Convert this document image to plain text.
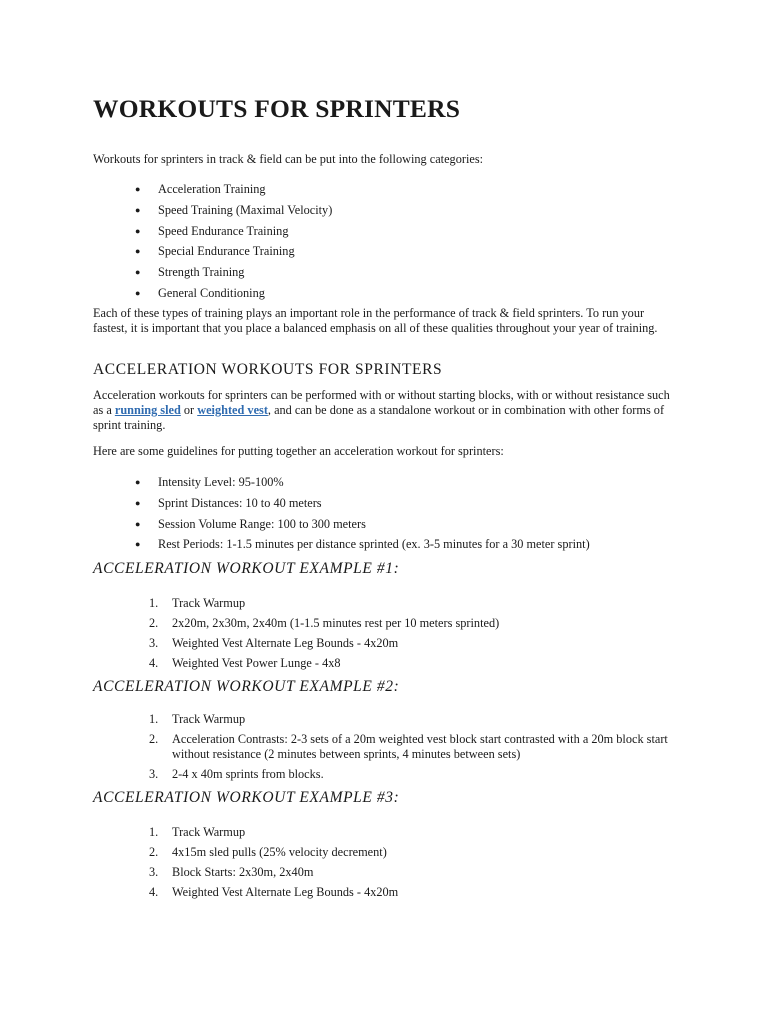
WORKOUTS FOR SPRINTERS

Workouts for sprinters in track & field can be put into the following categories:

● Acceleration Training
● Speed Training (Maximal Velocity)
● Speed Endurance Training
● Special Endurance Training
● Strength Training
● General Conditioning

Each of these types of training plays an important role in the performance of track & field sprinters. To run your fastest, it is important that you place a balanced emphasis on all of these qualities throughout your year of training.

ACCELERATION WORKOUTS FOR SPRINTERS

Acceleration workouts for sprinters can be performed with or without starting blocks, with or without resistance such as a running sled or weighted vest, and can be done as a standalone workout or in combination with other forms of sprint training.

Here are some guidelines for putting together an acceleration workout for sprinters:

● Intensity Level: 95-100%
● Sprint Distances: 10 to 40 meters
● Session Volume Range: 100 to 300 meters
● Rest Periods: 1-1.5 minutes per distance sprinted (ex. 3-5 minutes for a 30 meter sprint)
ACCELERATION WORKOUT EXAMPLE #1:
1. Track Warmup
2. 2x20m, 2x30m, 2x40m (1-1.5 minutes rest per 10 meters sprinted)
3. Weighted Vest Alternate Leg Bounds - 4x20m
4. Weighted Vest Power Lunge - 4x8
ACCELERATION WORKOUT EXAMPLE #2:
1. Track Warmup
2. Acceleration Contrasts: 2-3 sets of a 20m weighted vest block start contrasted with a 20m block start without resistance (2 minutes between sprints, 4 minutes between sets)
3. 2-4 x 40m sprints from blocks.
ACCELERATION WORKOUT EXAMPLE #3:
1. Track Warmup
2. 4x15m sled pulls (25% velocity decrement)
3. Block Starts: 2x30m, 2x40m
4. Weighted Vest Alternate Leg Bounds - 4x20m
